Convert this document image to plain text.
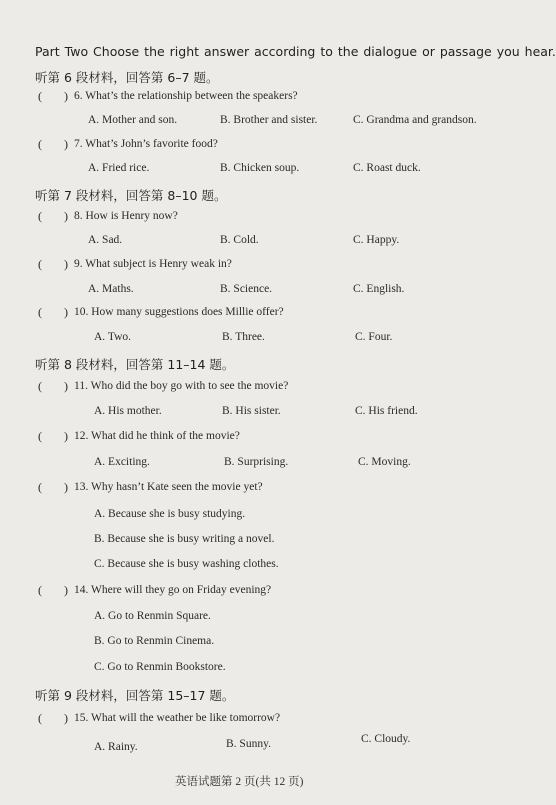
Part Two Choose the right answer according to the dialogue or passage you hear.
听第 6 段材料，回答第 6–7 题。
( ) 6. What’s the relationship between the speakers?
A. Mother and son.	B. Brother and sister.	C. Grandma and grandson.
( ) 7. What’s John’s favorite food?
A. Fried rice.	B. Chicken soup.	C. Roast duck.
听第 7 段材料，回答第 8–10 题。
( ) 8. How is Henry now?
A. Sad.	B. Cold.	C. Happy.
( ) 9. What subject is Henry weak in?
A. Maths.	B. Science.	C. English.
( ) 10. How many suggestions does Millie offer?
A. Two.	B. Three.	C. Four.
听第 8 段材料，回答第 11–14 题。
( ) 11. Who did the boy go with to see the movie?
A. His mother.	B. His sister.	C. His friend.
( ) 12. What did he think of the movie?
A. Exciting.	B. Surprising.	C. Moving.
( ) 13. Why hasn’t Kate seen the movie yet?
A. Because she is busy studying.
B. Because she is busy writing a novel.
C. Because she is busy washing clothes.
( ) 14. Where will they go on Friday evening?
A. Go to Renmin Square.
B. Go to Renmin Cinema.
C. Go to Renmin Bookstore.
听第 9 段材料，回答第 15–17 题。
( ) 15. What will the weather be like tomorrow?
A. Rainy.	B. Sunny.	C. Cloudy.
英语试题第 2 页(共 12 页)
